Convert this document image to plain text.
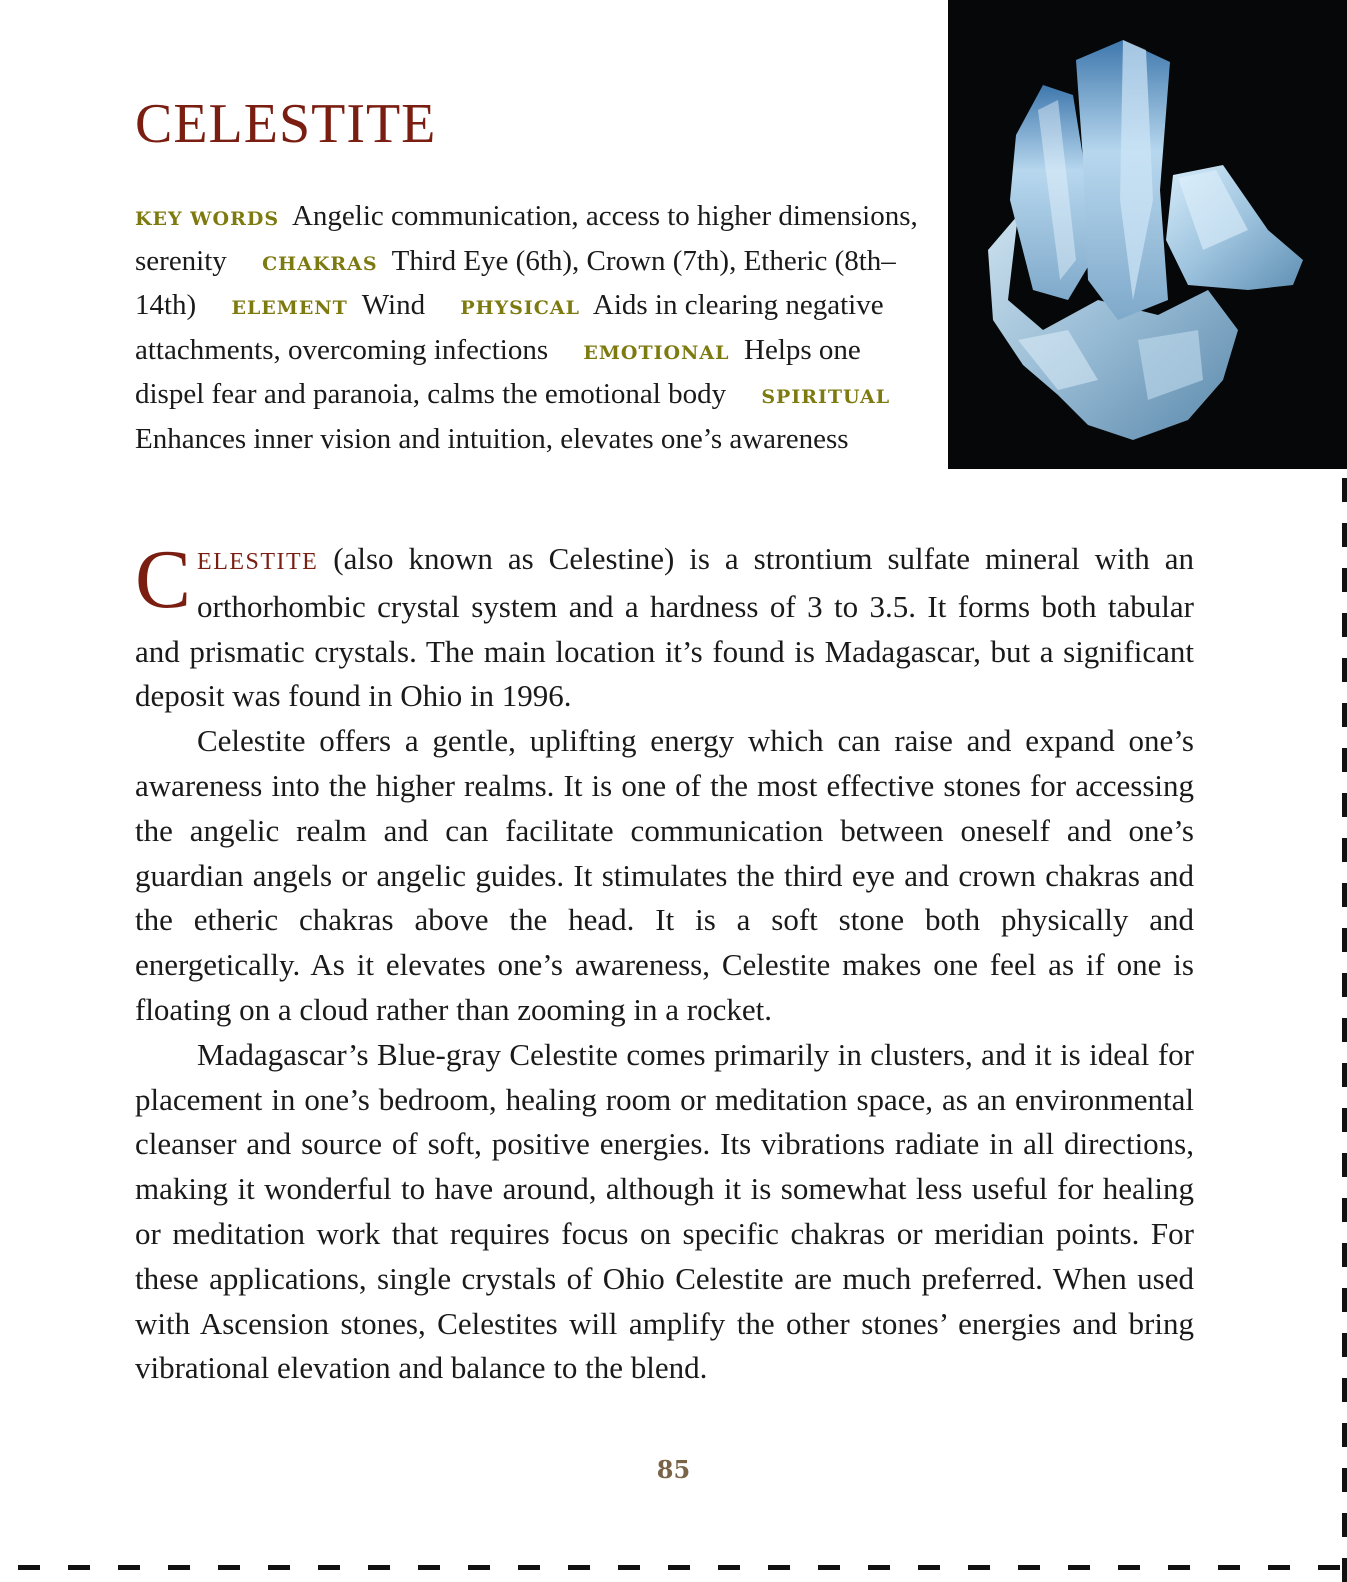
CELESTITE
KEY WORDS Angelic communication, access to higher dimensions, serenity CHAKRAS Third Eye (6th), Crown (7th), Etheric (8th–14th) ELEMENT Wind PHYSICAL Aids in clearing negative attachments, overcoming infections EMOTIONAL Helps one dispel fear and paranoia, calms the emotional body SPIRITUAL  Enhances inner vision and intuition, elevates one’s awareness

CELESTITE (also known as Celestine) is a strontium sulfate mineral with an orthorhombic crystal system and a hardness of 3 to 3.5. It forms both tabular and prismatic crystals. The main location it’s found is Madagascar, but a significant deposit was found in Ohio in 1996.

Celestite offers a gentle, uplifting energy which can raise and expand one’s awareness into the higher realms. It is one of the most effective stones for accessing the angelic realm and can facilitate communication between oneself and one’s guardian angels or angelic guides. It stimulates the third eye and crown chakras and the etheric chakras above the head. It is a soft stone both physically and energetically. As it elevates one’s awareness, Celestite makes one feel as if one is floating on a cloud rather than zooming in a rocket.

Madagascar’s Blue-gray Celestite comes primarily in clusters, and it is ideal for placement in one’s bedroom, healing room or meditation space, as an environmental cleanser and source of soft, positive energies. Its vibrations radiate in all directions, making it wonderful to have around, although it is somewhat less useful for healing or meditation work that requires focus on specific chakras or meridian points. For these applications, single crystals of Ohio Celestite are much preferred. When used with Ascension stones, Celestites will amplify the other stones’ energies and bring vibrational elevation and balance to the blend.

85
